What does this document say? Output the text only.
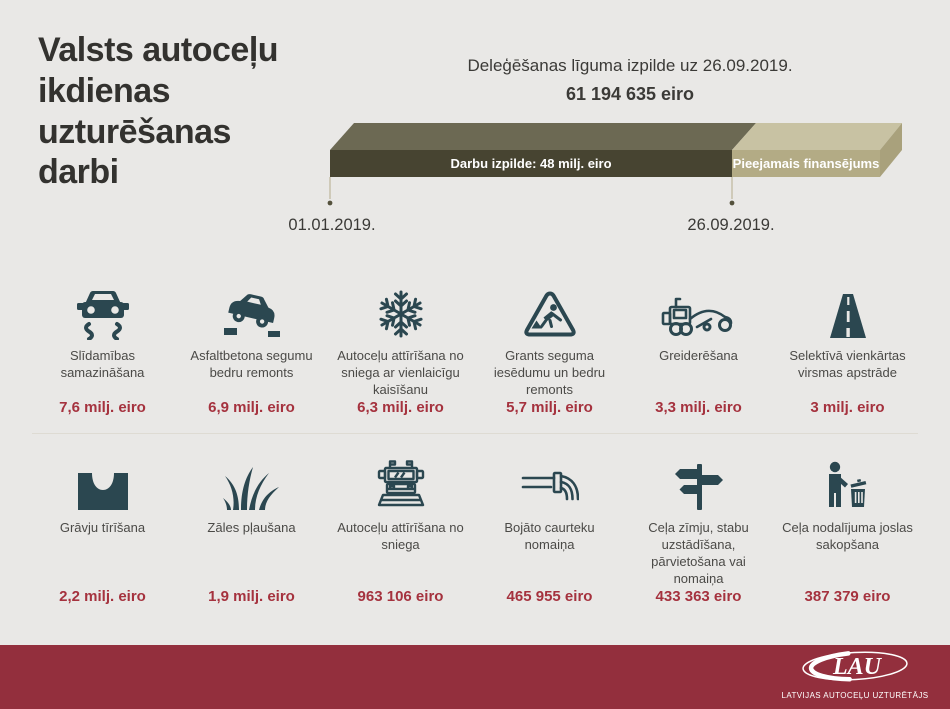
Valsts autoceļu ikdienas uzturēšanas darbi	Darbu izpilde: 48 milj. eiro	Pieejamais finansējums
01.01.2019.	26.09.2019.
Deleģēšanas līguma izpilde uz 26.09.2019.
61 194 635 eiro
Slīdamības samazināšana
7,6 milj. eiro
Asfaltbetona segumu bedru remonts
6,9 milj. eiro
Autoceļu attīrīšana no sniega ar vienlaicīgu kaisīšanu
6,3 milj. eiro
Grants seguma iesēdumu un bedru remonts
5,7 milj. eiro
Greiderēšana
3,3 milj. eiro
Selektīvā vienkārtas virsmas apstrāde
3 milj. eiro
Grāvju tīrīšana
2,2 milj. eiro
Zāles pļaušana
1,9 milj. eiro
Autoceļu attīrīšana no sniega
963 106 eiro
Bojāto caurteku nomaiņa
465 955 eiro
Ceļa zīmju, stabu uzstādīšana, pārvietošana vai nomaiņa
433 363 eiro
Ceļa nodalījuma joslas sakopšana
387 379 eiro
LAU
LATVIJAS AUTOCEĻU UZTURĒTĀJS
